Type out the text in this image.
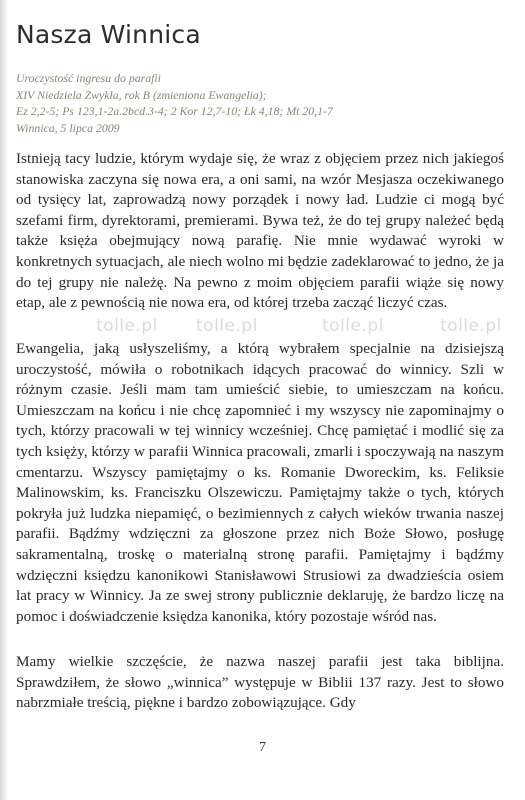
Nasza Winnica
Uroczystość ingresu do parafii
XIV Niedziela Zwykła, rok B (zmieniona Ewangelia);
Ez 2,2-5; Ps 123,1-2a.2bcd.3-4; 2 Kor 12,7-10; Łk 4,18; Mt 20,1-7
Winnica, 5 lipca 2009

Istnieją tacy ludzie, którym wydaje się, że wraz z objęciem przez nich jakiegoś stanowiska zaczyna się nowa era, a oni sami, na wzór Mesjasza oczekiwanego od tysięcy lat, zaprowadzą nowy porządek i nowy ład. Ludzie ci mogą być szefami firm, dyrektorami, premierami. Bywa też, że do tej grupy należeć będą także księża obejmujący nową parafię. Nie mnie wydawać wyroki w konkretnych sytuacjach, ale niech wolno mi będzie zadeklarować to jedno, że ja do tej grupy nie należę. Na pewno z moim objęciem parafii wiąże się nowy etap, ale z pewnością nie nowa era, od której trzeba zacząć liczyć czas.

Ewangelia, jaką usłyszeliśmy, a którą wybrałem specjalnie na dzisiejszą uroczystość, mówiła o robotnikach idących pracować do winnicy. Szli w różnym czasie. Jeśli mam tam umieścić siebie, to umieszczam na końcu. Umieszczam na końcu i nie chcę zapomnieć i my wszyscy nie zapominajmy o tych, którzy pracowali w tej winnicy wcześniej. Chcę pamiętać i modlić się za tych księży, którzy w parafii Winnica pracowali, zmarli i spoczywają na naszym cmentarzu. Wszyscy pamiętajmy o ks. Romanie Dworeckim, ks. Feliksie Malinowskim, ks. Franciszku Olszewiczu. Pamiętajmy także o tych, których pokryła już ludzka niepamięć, o bezimiennych z całych wieków trwania naszej parafii. Bądźmy wdzięczni za głoszone przez nich Boże Słowo, posługę sakramentalną, troskę o materialną stronę parafii. Pamiętajmy i bądźmy wdzięczni księdzu kanonikowi Stanisławowi Strusiowi za dwadzieścia osiem lat pracy w Winnicy. Ja ze swej strony publicznie deklaruję, że bardzo liczę na pomoc i doświadczenie księdza kanonika, który pozostaje wśród nas.

Mamy wielkie szczęście, że nazwa naszej parafii jest taka biblijna. Sprawdziłem, że słowo „winnica” występuje w Biblii 137 razy. Jest to słowo nabrzmiałe treścią, piękne i bardzo zobowiązujące. Gdy

tolle.pl tolle.pl	tolle.pl	tolle.pl
7
